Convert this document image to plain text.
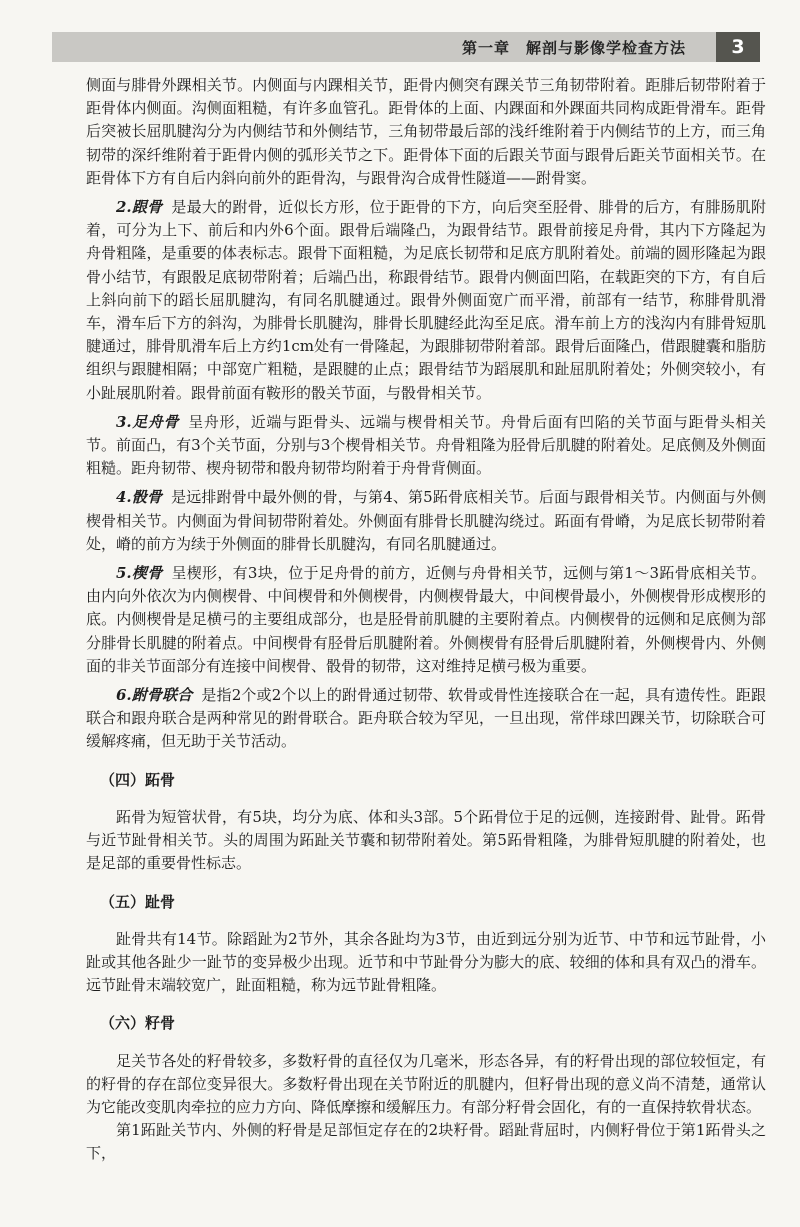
第一章　解剖与影像学检查方法	3

侧面与腓骨外踝相关节。内侧面与内踝相关节，距骨内侧突有踝关节三角韧带附着。距腓后韧带附着于距骨体内侧面。沟侧面粗糙，有许多血管孔。距骨体的上面、内踝面和外踝面共同构成距骨滑车。距骨后突被长屈肌腱沟分为内侧结节和外侧结节，三角韧带最后部的浅纤维附着于内侧结节的上方，而三角韧带的深纤维附着于距骨内侧的弧形关节之下。距骨体下面的后跟关节面与跟骨后距关节面相关节。在距骨体下方有自后内斜向前外的距骨沟，与跟骨沟合成骨性隧道——跗骨窦。

2.跟骨 是最大的跗骨，近似长方形，位于距骨的下方，向后突至胫骨、腓骨的后方，有腓肠肌附着，可分为上下、前后和内外6个面。跟骨后端隆凸，为跟骨结节。跟骨前接足舟骨，其内下方隆起为舟骨粗隆，是重要的体表标志。跟骨下面粗糙，为足底长韧带和足底方肌附着处。前端的圆形隆起为跟骨小结节，有跟骰足底韧带附着；后端凸出，称跟骨结节。跟骨内侧面凹陷，在载距突的下方，有自后上斜向前下的蹈长屈肌腱沟，有同名肌腱通过。跟骨外侧面宽广而平滑，前部有一结节，称腓骨肌滑车，滑车后下方的斜沟，为腓骨长肌腱沟，腓骨长肌腱经此沟至足底。滑车前上方的浅沟内有腓骨短肌腱通过，腓骨肌滑车后上方约1cm处有一骨隆起，为跟腓韧带附着部。跟骨后面隆凸，借跟腱囊和脂肪组织与跟腱相隔；中部宽广粗糙，是跟腱的止点；跟骨结节为蹈展肌和趾屈肌附着处；外侧突较小，有小趾展肌附着。跟骨前面有鞍形的骰关节面，与骰骨相关节。

3.足舟骨 呈舟形，近端与距骨头、远端与楔骨相关节。舟骨后面有凹陷的关节面与距骨头相关节。前面凸，有3个关节面，分别与3个楔骨相关节。舟骨粗隆为胫骨后肌腱的附着处。足底侧及外侧面粗糙。距舟韧带、楔舟韧带和骰舟韧带均附着于舟骨背侧面。

4.骰骨 是远排跗骨中最外侧的骨，与第4、第5跖骨底相关节。后面与跟骨相关节。内侧面与外侧楔骨相关节。内侧面为骨间韧带附着处。外侧面有腓骨长肌腱沟绕过。跖面有骨嵴，为足底长韧带附着处，嵴的前方为续于外侧面的腓骨长肌腱沟，有同名肌腱通过。

5.楔骨 呈楔形，有3块，位于足舟骨的前方，近侧与舟骨相关节，远侧与第1～3跖骨底相关节。由内向外依次为内侧楔骨、中间楔骨和外侧楔骨，内侧楔骨最大，中间楔骨最小，外侧楔骨形成楔形的底。内侧楔骨是足横弓的主要组成部分，也是胫骨前肌腱的主要附着点。内侧楔骨的远侧和足底侧为部分腓骨长肌腱的附着点。中间楔骨有胫骨后肌腱附着。外侧楔骨有胫骨后肌腱附着，外侧楔骨内、外侧面的非关节面部分有连接中间楔骨、骰骨的韧带，这对维持足横弓极为重要。

6.跗骨联合 是指2个或2个以上的跗骨通过韧带、软骨或骨性连接联合在一起，具有遗传性。距跟联合和跟舟联合是两种常见的跗骨联合。距舟联合较为罕见，一旦出现，常伴球凹踝关节，切除联合可缓解疼痛，但无助于关节活动。

（四）跖骨

跖骨为短管状骨，有5块，均分为底、体和头3部。5个跖骨位于足的远侧，连接跗骨、趾骨。跖骨与近节趾骨相关节。头的周围为跖趾关节囊和韧带附着处。第5跖骨粗隆，为腓骨短肌腱的附着处，也是足部的重要骨性标志。

（五）趾骨

趾骨共有14节。除蹈趾为2节外，其余各趾均为3节，由近到远分别为近节、中节和远节趾骨，小趾或其他各趾少一趾节的变异极少出现。近节和中节趾骨分为膨大的底、较细的体和具有双凸的滑车。远节趾骨末端较宽广，趾面粗糙，称为远节趾骨粗隆。

（六）籽骨

足关节各处的籽骨较多，多数籽骨的直径仅为几毫米，形态各异，有的籽骨出现的部位较恒定，有的籽骨的存在部位变异很大。多数籽骨出现在关节附近的肌腱内，但籽骨出现的意义尚不清楚，通常认为它能改变肌肉牵拉的应力方向、降低摩擦和缓解压力。有部分籽骨会固化，有的一直保持软骨状态。

第1跖趾关节内、外侧的籽骨是足部恒定存在的2块籽骨。蹈趾背屈时，内侧籽骨位于第1跖骨头之下，
